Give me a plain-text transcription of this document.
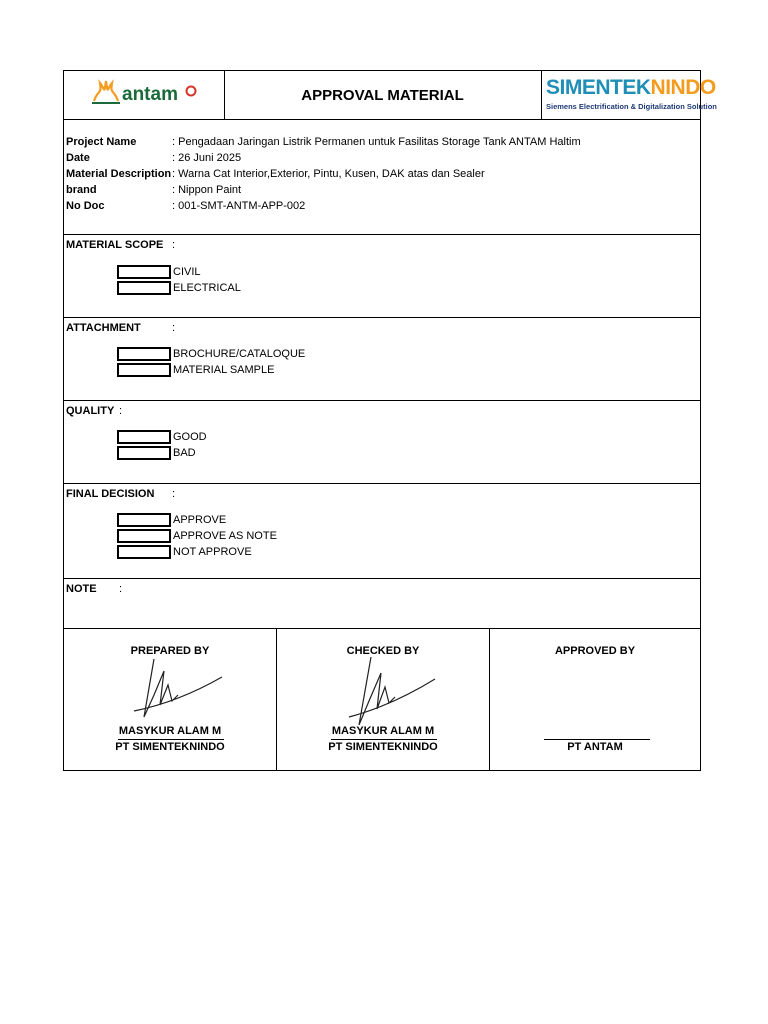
antam	APPROVAL MATERIAL	SIMENTEKNINDO
Siemens Electrification & Digitalization Solution
Project Name	: Pengadaan Jaringan Listrik Permanen untuk Fasilitas Storage Tank ANTAM Haltim
Date	: 26 Juni 2025
Material Description: Warna Cat Interior,Exterior, Pintu, Kusen, DAK atas dan Sealer
brand	: Nippon Paint
No Doc	: 001-SMT-ANTM-APP-002
MATERIAL SCOPE :
CIVIL
ELECTRICAL
ATTACHMENT	:
BROCHURE/CATALOQUE
MATERIAL SAMPLE
QUALITY :
GOOD
BAD
FINAL DECISION :
APPROVE
APPROVE AS NOTE
NOT APPROVE
NOTE :
PREPARED BY
MASYKUR ALAM M
PT SIMENTEKNINDO
CHECKED BY
MASYKUR ALAM M
PT SIMENTEKNINDO
APPROVED BY
PT ANTAM
